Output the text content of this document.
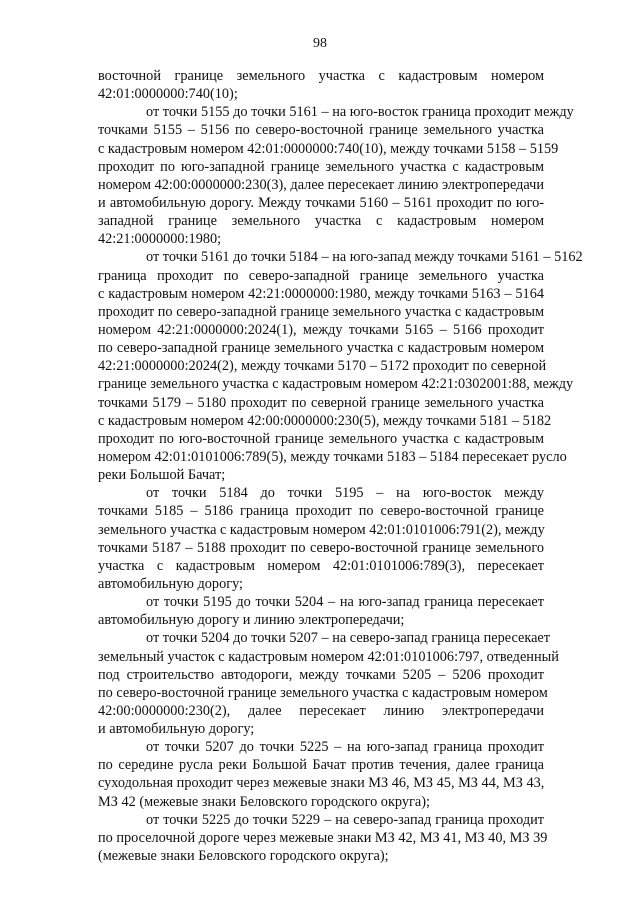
98
восточной границе земельного участка с кадастровым номером
42:01:0000000:740(10);
от точки 5155 до точки 5161 – на юго-восток граница проходит между
точками 5155 – 5156 по северо-восточной границе земельного участка
с кадастровым номером 42:01:0000000:740(10), между точками 5158 – 5159
проходит по юго-западной границе земельного участка с кадастровым
номером 42:00:0000000:230(3), далее пересекает линию электропередачи
и автомобильную дорогу. Между точками 5160 – 5161 проходит по юго-
западной границе земельного участка с кадастровым номером
42:21:0000000:1980;
от точки 5161 до точки 5184 – на юго-запад между точками 5161 – 5162
граница проходит по северо-западной границе земельного участка
с кадастровым номером 42:21:0000000:1980, между точками 5163 – 5164
проходит по северо-западной границе земельного участка с кадастровым
номером 42:21:0000000:2024(1), между точками 5165 – 5166 проходит
по северо-западной границе земельного участка с кадастровым номером
42:21:0000000:2024(2), между точками 5170 – 5172 проходит по северной
границе земельного участка с кадастровым номером 42:21:0302001:88, между
точками 5179 – 5180 проходит по северной границе земельного участка
с кадастровым номером 42:00:0000000:230(5), между точками 5181 – 5182
проходит по юго-восточной границе земельного участка с кадастровым
номером 42:01:0101006:789(5), между точками 5183 – 5184 пересекает русло
реки Большой Бачат;
от точки 5184 до точки 5195 – на юго-восток между
точками 5185 – 5186 граница проходит по северо-восточной границе
земельного участка с кадастровым номером 42:01:0101006:791(2), между
точками 5187 – 5188 проходит по северо-восточной границе земельного
участка с кадастровым номером 42:01:0101006:789(3), пересекает
автомобильную дорогу;
от точки 5195 до точки 5204 – на юго-запад граница пересекает
автомобильную дорогу и линию электропередачи;
от точки 5204 до точки 5207 – на северо-запад граница пересекает
земельный участок с кадастровым номером 42:01:0101006:797, отведенный
под строительство автодороги, между точками 5205 – 5206 проходит
по северо-восточной границе земельного участка с кадастровым номером
42:00:0000000:230(2), далее пересекает линию электропередачи
и автомобильную дорогу;
от точки 5207 до точки 5225 – на юго-запад граница проходит
по середине русла реки Большой Бачат против течения, далее граница
суходольная проходит через межевые знаки МЗ 46, МЗ 45, МЗ 44, МЗ 43,
МЗ 42 (межевые знаки Беловского городского округа);
от точки 5225 до точки 5229 – на северо-запад граница проходит
по проселочной дороге через межевые знаки МЗ 42, МЗ 41, МЗ 40, МЗ 39
(межевые знаки Беловского городского округа);
